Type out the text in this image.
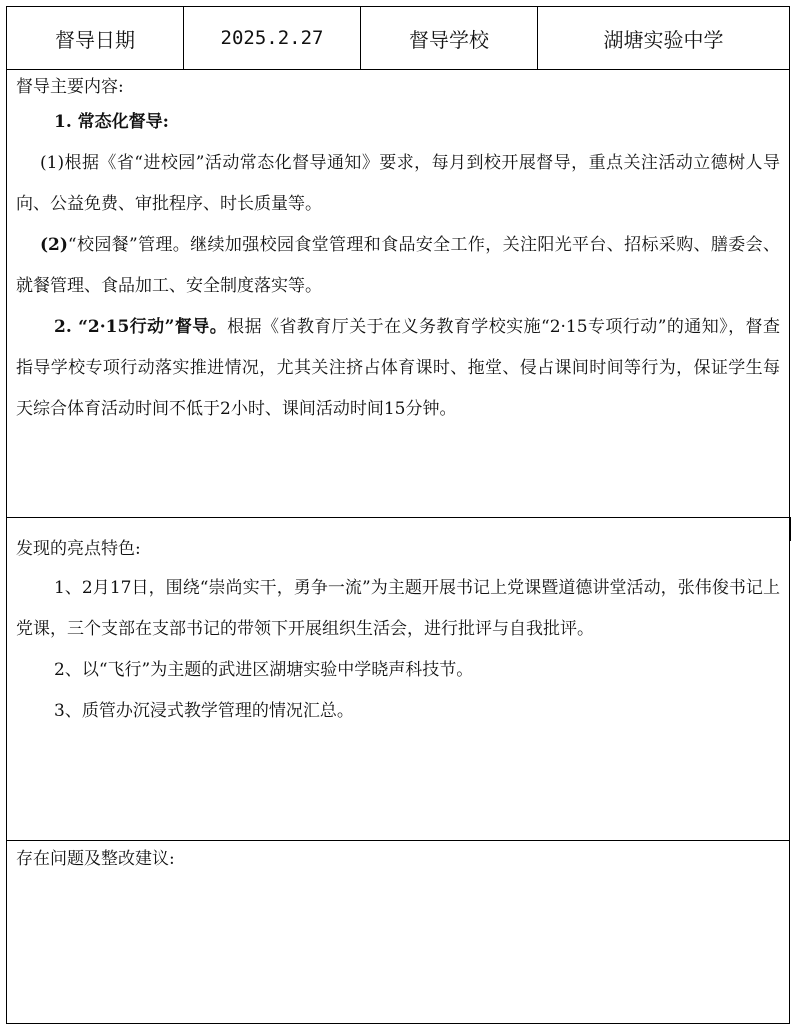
督导日期	2025.2.27	督导学校	湖塘实验中学
督导主要内容:

1. 常态化督导:

(1)根据《省“进校园”活动常态化督导通知》要求，每月到校开展督导，重点关注活动立德树人导向、公益免费、审批程序、时长质量等。

(2)“校园餐”管理。继续加强校园食堂管理和食品安全工作，关注阳光平台、招标采购、膳委会、就餐管理、食品加工、安全制度落实等。

2. “2·15行动”督导。根据《省教育厅关于在义务教育学校实施“2·15专项行动”的通知》，督查指导学校专项行动落实推进情况，尤其关注挤占体育课时、拖堂、侵占课间时间等行为，保证学生每天综合体育活动时间不低于2小时、课间活动时间15分钟。

发现的亮点特色:

1、2月17日，围绕“崇尚实干，勇争一流”为主题开展书记上党课暨道德讲堂活动，张伟俊书记上党课，三个支部在支部书记的带领下开展组织生活会，进行批评与自我批评。

2、以“飞行”为主题的武进区湖塘实验中学晓声科技节。

3、质管办沉浸式教学管理的情况汇总。

存在问题及整改建议:
